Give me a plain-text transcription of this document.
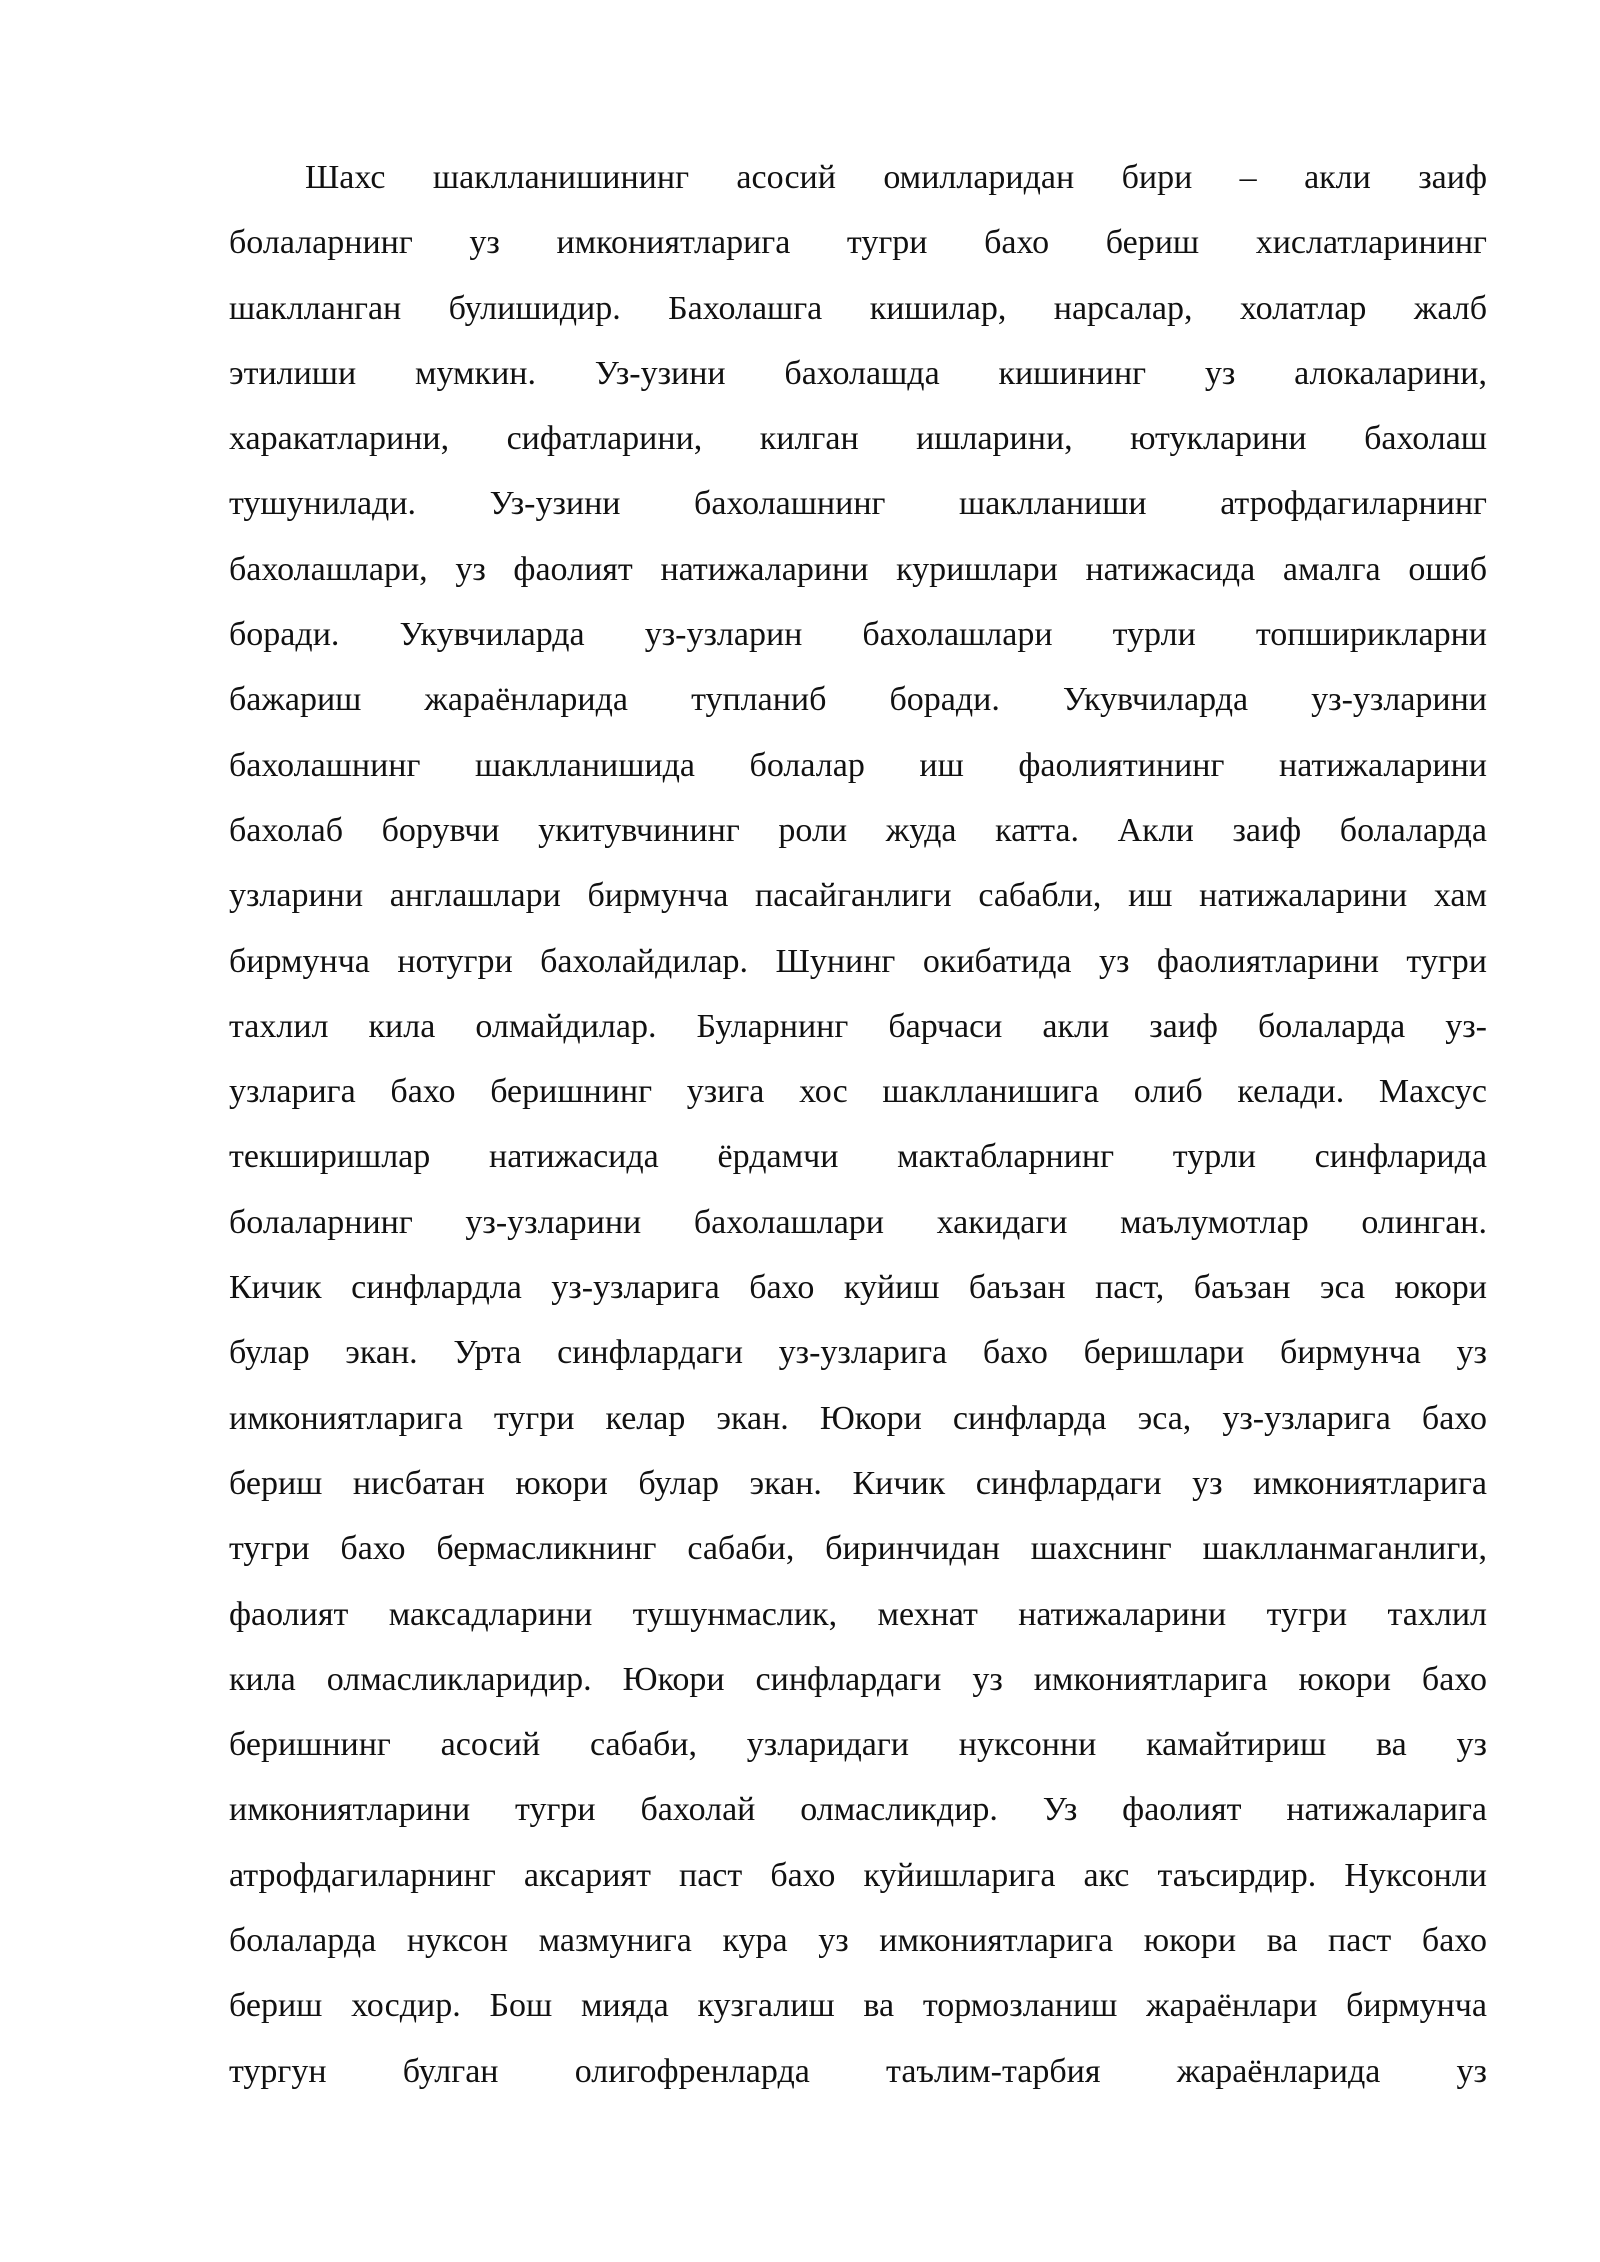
Шахс шаклланишининг асосий омилларидан бири – акли заиф
болаларнинг уз имкониятларига тугри бахо бериш хислатларининг
шаклланган булишидир. Бахолашга кишилар, нарсалар, холатлар жалб
этилиши мумкин. Уз-узини бахолашда кишининг уз алокаларини,
харакатларини, сифатларини, килган ишларини, ютукларини бахолаш
тушунилади. Уз-узини бахолашнинг шаклланиши атрофдагиларнинг
бахолашлари, уз фаолият натижаларини куришлари натижасида амалга ошиб
боради. Укувчиларда уз-узларин бахолашлари турли топширикларни
бажариш жараёнларида тупланиб боради. Укувчиларда уз-узларини
бахолашнинг шаклланишида болалар иш фаолиятининг натижаларини
бахолаб борувчи укитувчининг роли жуда катта. Акли заиф болаларда
узларини англашлари бирмунча пасайганлиги сабабли, иш натижаларини хам
бирмунча нотугри бахолайдилар. Шунинг окибатида уз фаолиятларини тугри
тахлил кила олмайдилар. Буларнинг барчаси акли заиф болаларда уз-
узларига бахо беришнинг узига хос шаклланишига олиб келади. Махсус
текширишлар натижасида ёрдамчи мактабларнинг турли синфларида
болаларнинг уз-узларини бахолашлари хакидаги маълумотлар олинган.
Кичик синфлардла уз-узларига бахо куйиш баъзан паст, баъзан эса юкори
булар экан. Урта синфлардаги уз-узларига бахо беришлари бирмунча уз
имкониятларига тугри келар экан. Юкори синфларда эса, уз-узларига бахо
бериш нисбатан юкори булар экан. Кичик синфлардаги уз имкониятларига
тугри бахо бермасликнинг сабаби, биринчидан шахснинг шаклланмаганлиги,
фаолият максадларини тушунмаслик, мехнат натижаларини тугри тахлил
кила олмасликларидир. Юкори синфлардаги уз имкониятларига юкори бахо
беришнинг асосий сабаби, узларидаги нуксонни камайтириш ва уз
имкониятларини тугри бахолай олмасликдир. Уз фаолият натижаларига
атрофдагиларнинг аксарият паст бахо куйишларига акс таъсирдир. Нуксонли
болаларда нуксон мазмунига кура уз имкониятларига юкори ва паст бахо
бериш хосдир. Бош мияда кузгалиш ва тормозланиш жараёнлари бирмунча
тургун булган олигофренларда таълим-тарбия жараёнларида уз
